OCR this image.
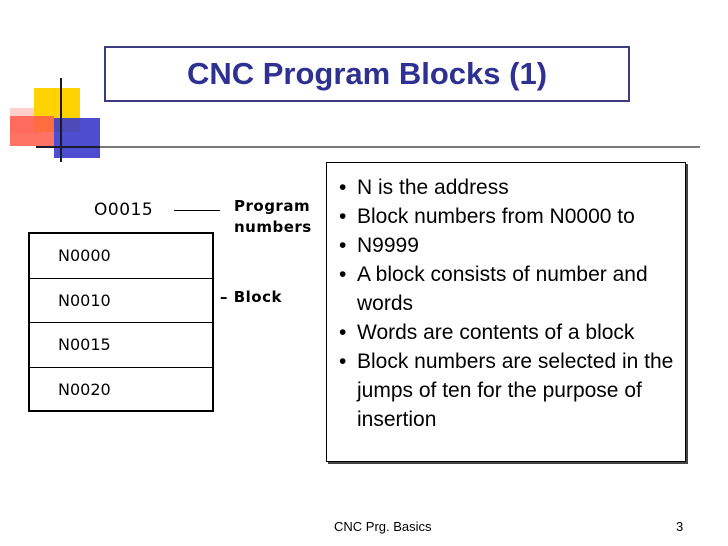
CNC Program Blocks (1)
O0015	Program
numbers
– Block
N0000
N0010
N0015
N0020
• N is the address
• Block numbers from N0000 to
• N9999
• A block consists of number and words
• Words are contents of a block
• Block numbers are selected in the jumps of ten for the purpose of insertion
CNC Prg. Basics	3
